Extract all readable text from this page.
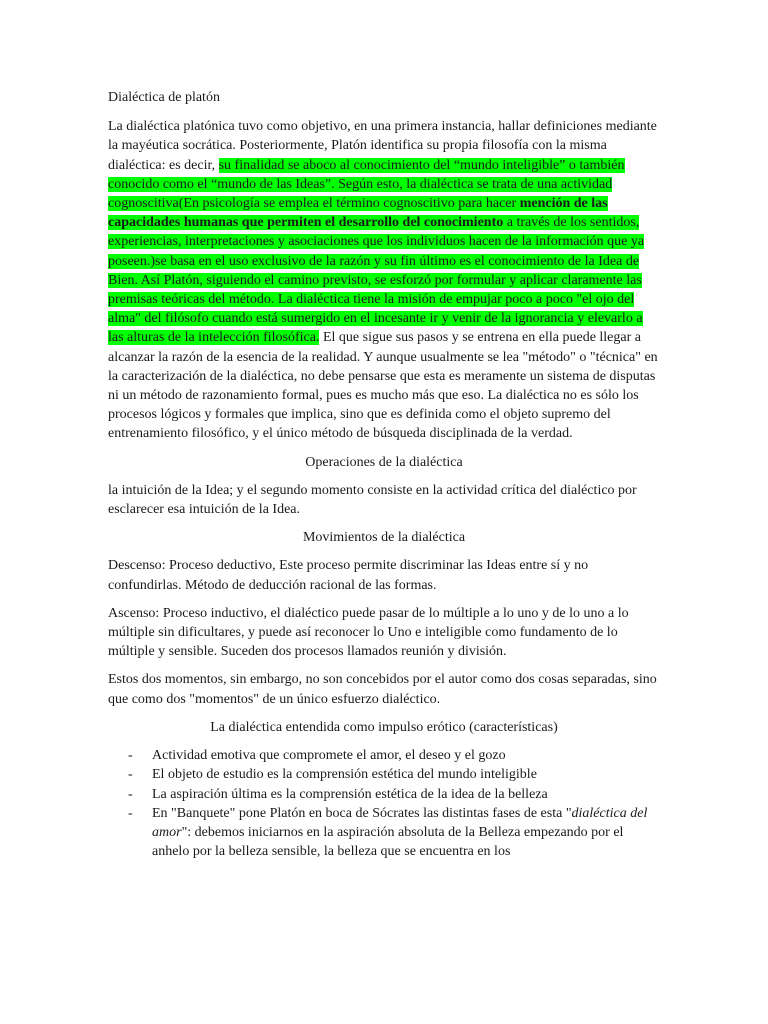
Dialéctica de platón

La dialéctica platónica tuvo como objetivo, en una primera instancia, hallar definiciones mediante la mayéutica socrática. Posteriormente, Platón identifica su propia filosofía con la misma dialéctica: es decir, su finalidad se aboco al conocimiento del “mundo inteligible” o también conocido como el “mundo de las Ideas”. Según esto, la dialéctica se trata de una actividad cognoscitiva(En psicología se emplea el término cognoscitivo para hacer mención de las capacidades humanas que permiten el desarrollo del conocimiento a través de los sentidos, experiencias, interpretaciones y asociaciones que los individuos hacen de la información que ya poseen.)se basa en el uso exclusivo de la razón y su fin último es el conocimiento de la Idea de Bien. Así Platón, siguiendo el camino previsto, se esforzó por formular y aplicar claramente las premisas teóricas del método. La dialéctica tiene la misión de empujar poco a poco "el ojo del alma" del filósofo cuando está sumergido en el incesante ir y venir de la ignorancia y elevarlo a las alturas de la intelección filosófica. El que sigue sus pasos y se entrena en ella puede llegar a alcanzar la razón de la esencia de la realidad. Y aunque usualmente se lea "método" o "técnica" en la caracterización de la dialéctica, no debe pensarse que esta es meramente un sistema de disputas ni un método de razonamiento formal, pues es mucho más que eso. La dialéctica no es sólo los procesos lógicos y formales que implica, sino que es definida como el objeto supremo del entrenamiento filosófico, y el único método de búsqueda disciplinada de la verdad.

Operaciones de la dialéctica

la intuición de la Idea; y el segundo momento consiste en la actividad crítica del dialéctico por esclarecer esa intuición de la Idea.

Movimientos de la dialéctica

Descenso: Proceso deductivo, Este proceso permite discriminar las Ideas entre sí y no confundirlas. Método de deducción racional de las formas.

Ascenso: Proceso inductivo, el dialéctico puede pasar de lo múltiple a lo uno y de lo uno a lo múltiple sin dificultares, y puede así reconocer lo Uno e inteligible como fundamento de lo múltiple y sensible. Suceden dos procesos llamados reunión y división.

Estos dos momentos, sin embargo, no son concebidos por el autor como dos cosas separadas, sino que como dos "momentos" de un único esfuerzo dialéctico.

La dialéctica entendida como impulso erótico (características)

- Actividad emotiva que compromete el amor, el deseo y el gozo
- El objeto de estudio es la comprensión estética del mundo inteligible
- La aspiración última es la comprensión estética de la idea de la belleza
- En "Banquete" pone Platón en boca de Sócrates las distintas fases de esta "dialéctica del amor": debemos iniciarnos en la aspiración absoluta de la Belleza empezando por el anhelo por la belleza sensible, la belleza que se encuentra en los
